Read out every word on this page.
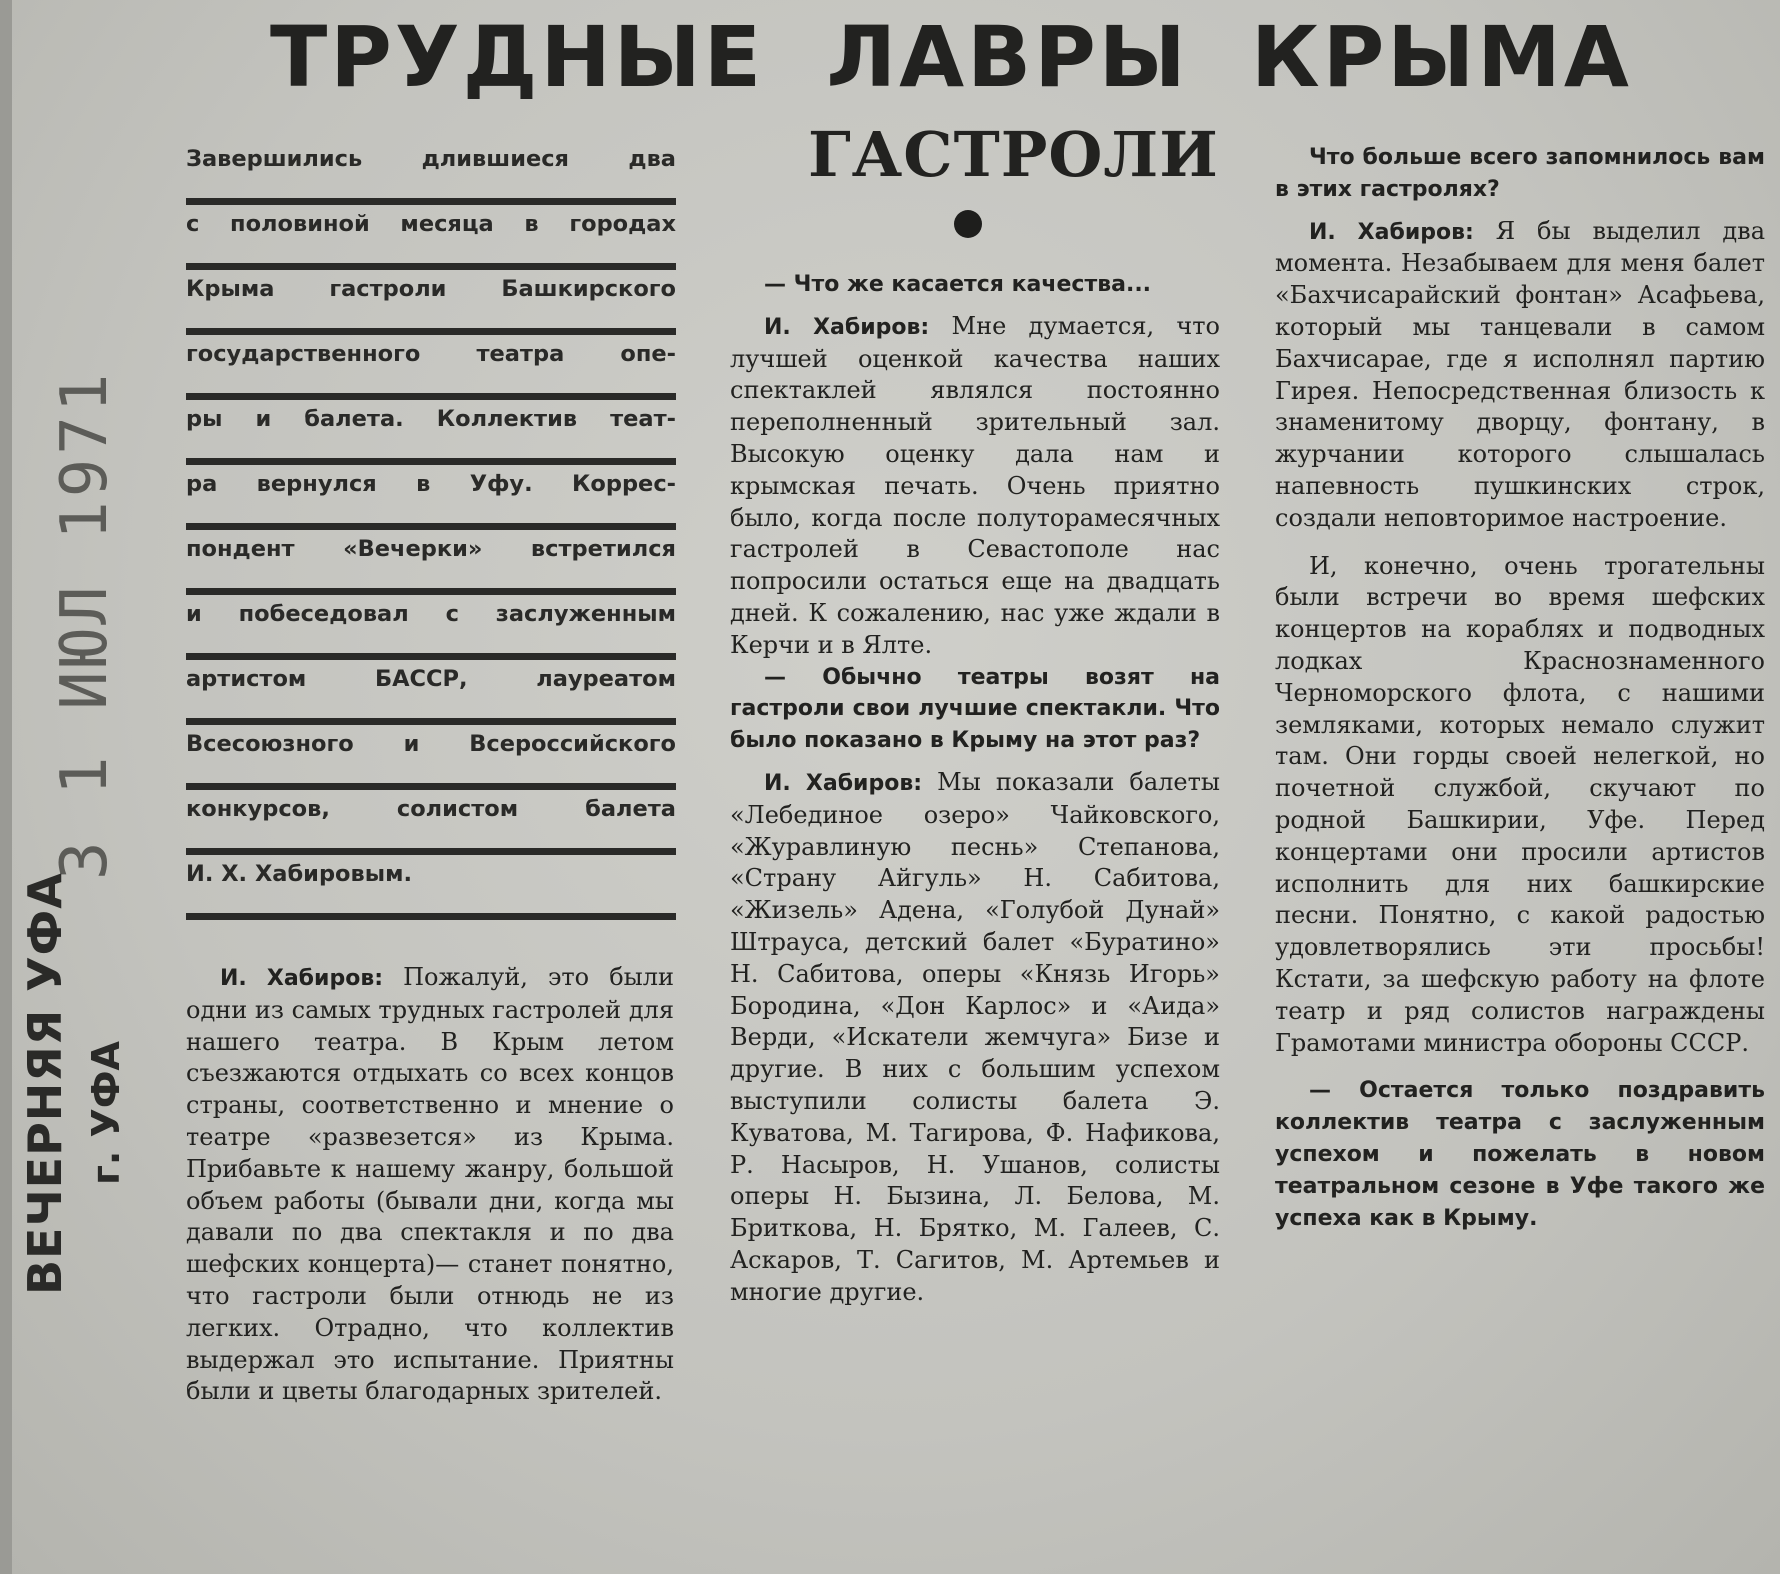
3 1 ИЮЛ 1971
ВЕЧЕРНЯЯ УФА г. УФА
ТРУДНЫЕ ЛАВРЫ КРЫМА
ГАСТРОЛИ
Завершились длившиеся два
с половиной месяца в городах
Крыма гастроли Башкирского
государственного театра опе-
ры и балета. Коллектив теат-
ра вернулся в Уфу. Коррес-
пондент «Вечерки» встретился
и побеседовал с заслуженным
артистом БАССР, лауреатом
Всесоюзного и Всероссийского
конкурсов, солистом балета
И. Х. Хабировым.

И. Хабиров: Пожалуй, это были одни из самых трудных гастролей для нашего театра. В Крым летом съезжаются отдыхать со всех концов страны, соответственно и мнение о театре «развезется» из Крыма. Прибавьте к нашему жанру, большой объем работы (бывали дни, когда мы давали по два спектакля и по два шефских концерта)— станет понятно, что гастроли были отнюдь не из легких. Отрадно, что коллектив выдержал это испытание. Приятны были и цветы благодарных зрителей.

— Что же касается качества...

И. Хабиров: Мне думается, что лучшей оценкой качества наших спектаклей являлся постоянно переполненный зрительный зал. Высокую оценку дала нам и крымская печать. Очень приятно было, когда после полуторамесячных гастролей в Севастополе нас попросили остаться еще на двадцать дней. К сожалению, нас уже ждали в Керчи и в Ялте.

— Обычно театры возят на гастроли свои лучшие спектакли. Что было показано в Крыму на этот раз?

И. Хабиров: Мы показали балеты «Лебединое озеро» Чайковского, «Журавлиную песнь» Степанова, «Страну Айгуль» Н. Сабитова, «Жизель» Адена, «Голубой Дунай» Штрауса, детский балет «Буратино» Н. Сабитова, оперы «Князь Игорь» Бородина, «Дон Карлос» и «Аида» Верди, «Искатели жемчуга» Бизе и другие. В них с большим успехом выступили солисты балета Э. Куватова, М. Тагирова, Ф. Нафикова, Р. Насыров, Н. Ушанов, солисты оперы Н. Бызина, Л. Белова, М. Бриткова, Н. Брятко, М. Галеев, С. Аскаров, Т. Сагитов, М. Артемьев и многие другие.

Что больше всего запомнилось вам в этих гастролях?

И. Хабиров: Я бы выделил два момента. Незабываем для меня балет «Бахчисарайский фонтан» Асафьева, который мы танцевали в самом Бахчисарае, где я исполнял партию Гирея. Непосредственная близость к знаменитому дворцу, фонтану, в журчании которого слышалась напевность пушкинских строк, создали неповторимое настроение.

И, конечно, очень трогательны были встречи во время шефских концертов на кораблях и подводных лодках Краснознаменного Черноморского флота, с нашими земляками, которых немало служит там. Они горды своей нелегкой, но почетной службой, скучают по родной Башкирии, Уфе. Перед концертами они просили артистов исполнить для них башкирские песни. Понятно, с какой радостью удовлетворялись эти просьбы! Кстати, за шефскую работу на флоте театр и ряд солистов награждены Грамотами министра обороны СССР.

— Остается только поздравить коллектив театра с заслуженным успехом и пожелать в новом театральном сезоне в Уфе такого же успеха как в Крыму.
